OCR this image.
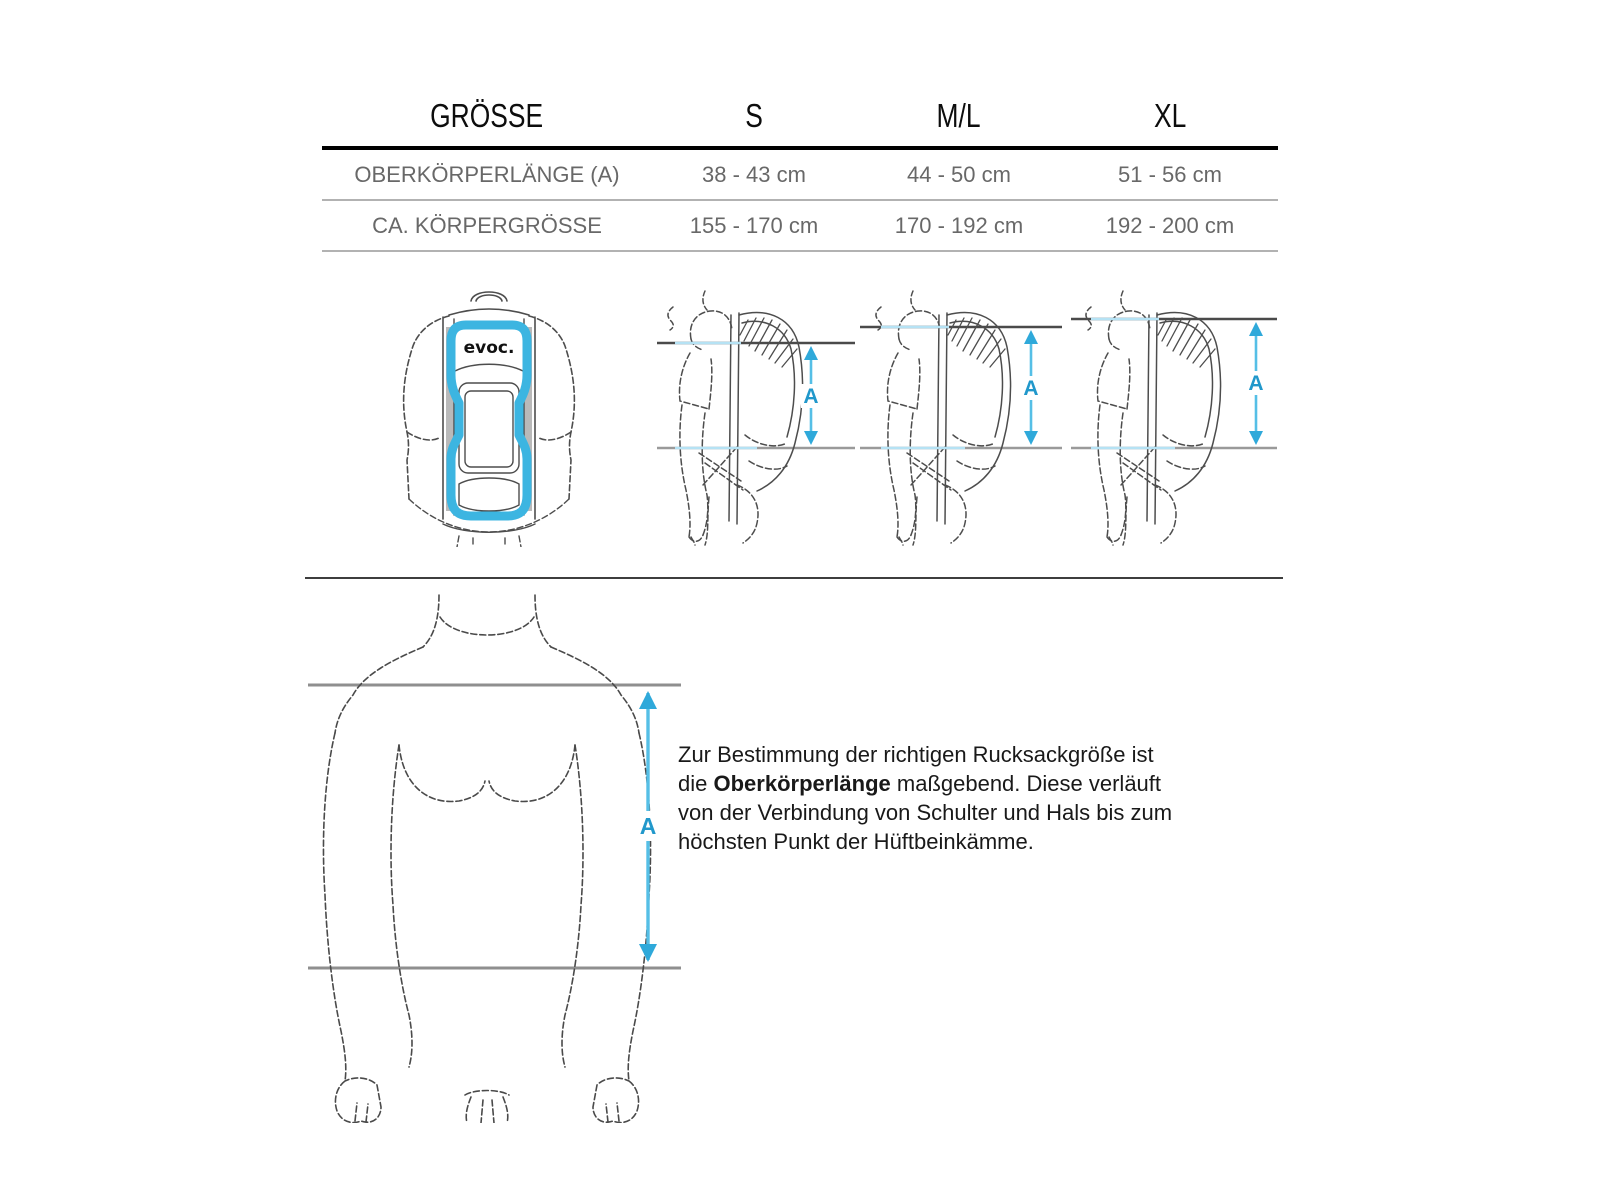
GRÖSSE	S	M/L	XL
OBERKÖRPERLÄNGE (A)	38 - 43 cm	44 - 50 cm	51 - 56 cm
CA. KÖRPERGRÖSSE	155 - 170 cm	170 - 192 cm	192 - 200 cm
evoc.
A	A	A
A
Zur Bestimmung der richtigen Rucksackgröße ist
die Oberkörperlänge maßgebend. Diese verläuft
von der Verbindung von Schulter und Hals bis zum
höchsten Punkt der Hüftbeinkämme.
